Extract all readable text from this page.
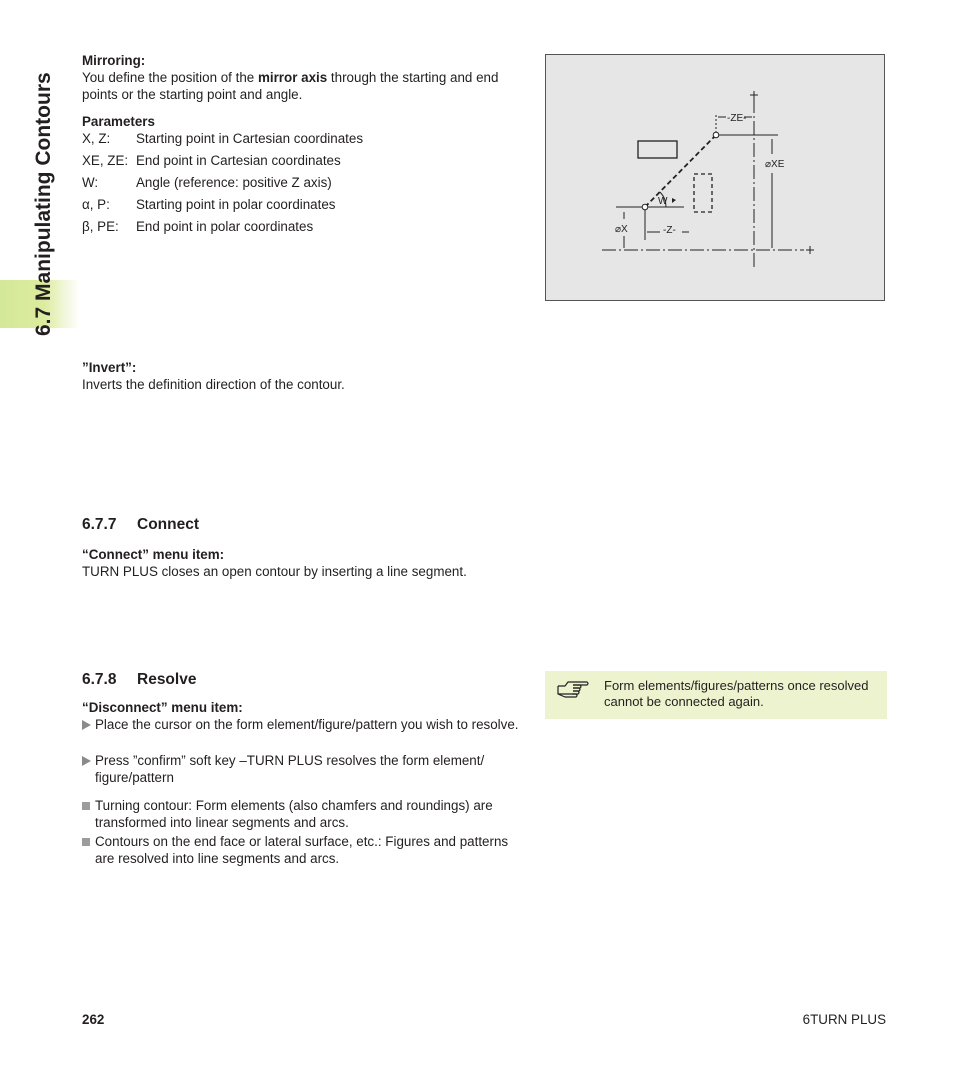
6.7 Manipulating Contours
Mirroring:
You define the position of the mirror axis through the starting and end points or the starting point and angle.
Parameters
X, Z: Starting point in Cartesian coordinates
XE, ZE: End point in Cartesian coordinates
W:	Angle (reference: positive Z axis)
α, P: Starting point in polar coordinates
β, PE: End point in polar coordinates
-ZE-
⌀XE
-Z-
⌀X
W
”Invert”:
Inverts the definition direction of the contour.
6.7.7 Connect
“Connect” menu item:
TURN PLUS closes an open contour by inserting a line segment.
6.7.8 Resolve
“Disconnect” menu item:
Place the cursor on the form element/figure/pattern you wish to resolve.
Press ”confirm” soft key –TURN PLUS resolves the form element/ figure/pattern
Turning contour: Form elements (also chamfers and roundings) are transformed into linear segments and arcs.
Contours on the end face or lateral surface, etc.: Figures and patterns are resolved into line segments and arcs.
Form elements/figures/patterns once resolved cannot be connected again.
262	6TURN PLUS
